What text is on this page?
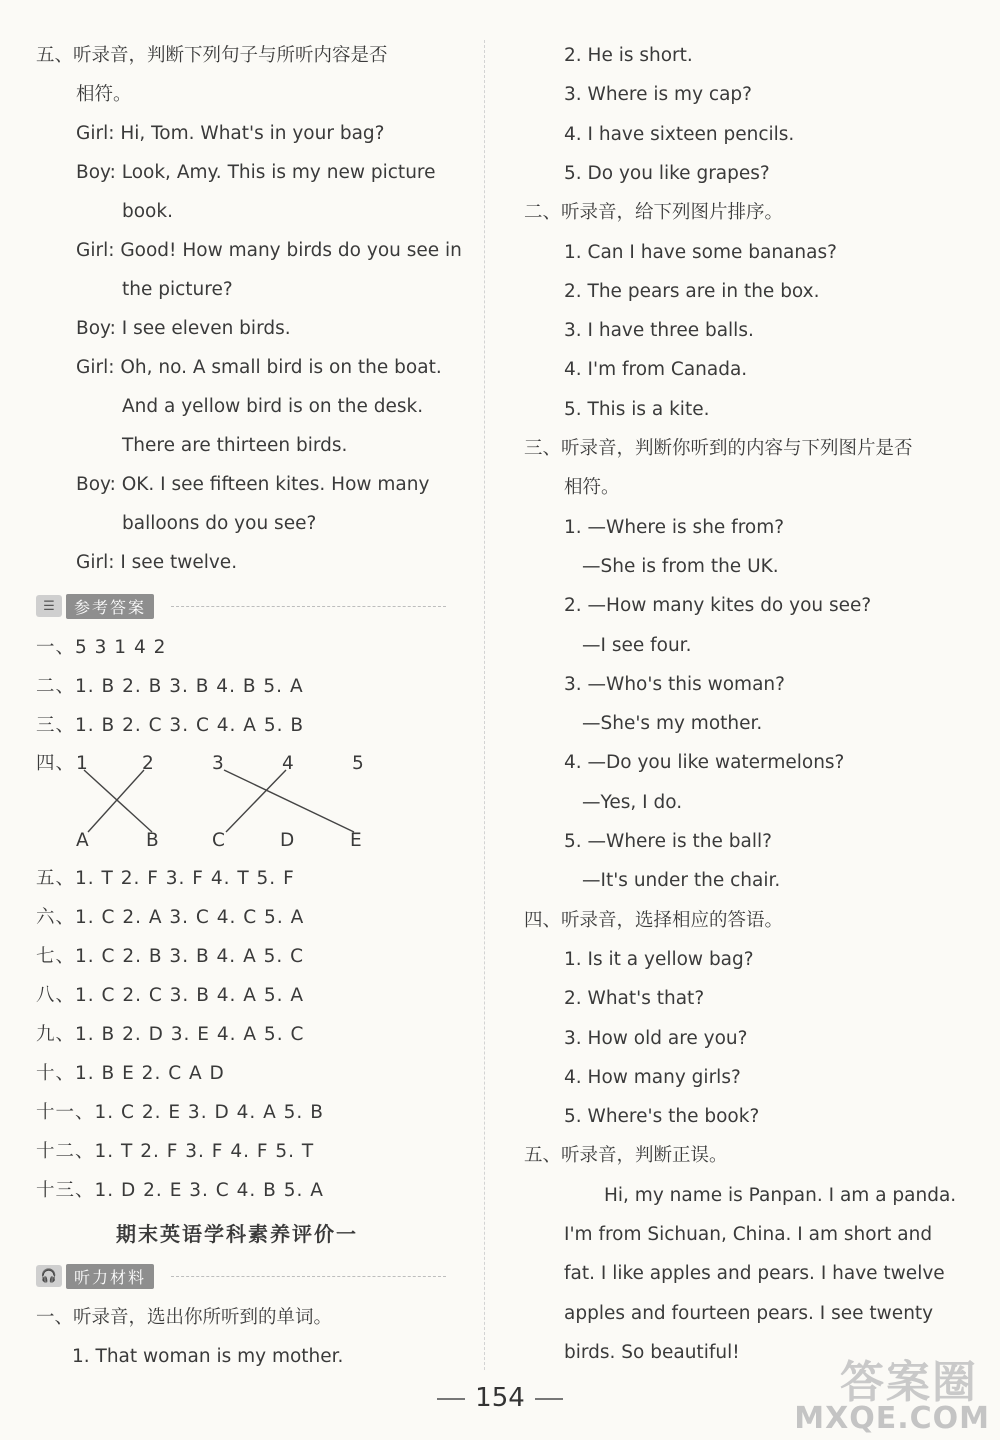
五、听录音，判断下列句子与所听内容是否
相符。
Girl: Hi, Tom. What's in your bag?
Boy: Look, Amy. This is my new picture
book.
Girl: Good! How many birds do you see in
the picture?
Boy: I see eleven birds.
Girl: Oh, no. A small bird is on the boat.
And a yellow bird is on the desk.
There are thirteen birds.
Boy: OK. I see fifteen kites. How many
balloons do you see?
Girl: I see twelve.
☰	参考答案
一、5 3 1 4 2
二、1. B 2. B 3. B 4. B 5. A
三、1. B 2. C 3. C 4. A 5. B
四、 1	2	3	4	5
A	B	C	D	E
五、1. T 2. F 3. F 4. T 5. F
六、1. C 2. A 3. C 4. C 5. A
七、1. C 2. B 3. B 4. A 5. C
八、1. C 2. C 3. B 4. A 5. A
九、1. B 2. D 3. E 4. A 5. C
十、1. B E 2. C A D
十一、1. C 2. E 3. D 4. A 5. B
十二、1. T 2. F 3. F 4. F 5. T
十三、1. D 2. E 3. C 4. B 5. A
期末英语学科素养评价一
🎧	听力材料
一、听录音，选出你所听到的单词。
1. That woman is my mother.
2. He is short.
3. Where is my cap?
4. I have sixteen pencils.
5. Do you like grapes?
二、听录音，给下列图片排序。
1. Can I have some bananas?
2. The pears are in the box.
3. I have three balls.
4. I'm from Canada.
5. This is a kite.
三、听录音，判断你听到的内容与下列图片是否
相符。
1. —Where is she from?
—She is from the UK.
2. —How many kites do you see?
—I see four.
3. —Who's this woman?
—She's my mother.
4. —Do you like watermelons?
—Yes, I do.
5. —Where is the ball?
—It's under the chair.
四、听录音，选择相应的答语。
1. Is it a yellow bag?
2. What's that?
3. How old are you?
4. How many girls?
5. Where's the book?
五、听录音，判断正误。
Hi, my name is Panpan. I am a panda.
I'm from Sichuan, China. I am short and
fat. I like apples and pears. I have twelve
apples and fourteen pears. I see twenty
birds. So beautiful!
154	答案圈
MXQE.COM
